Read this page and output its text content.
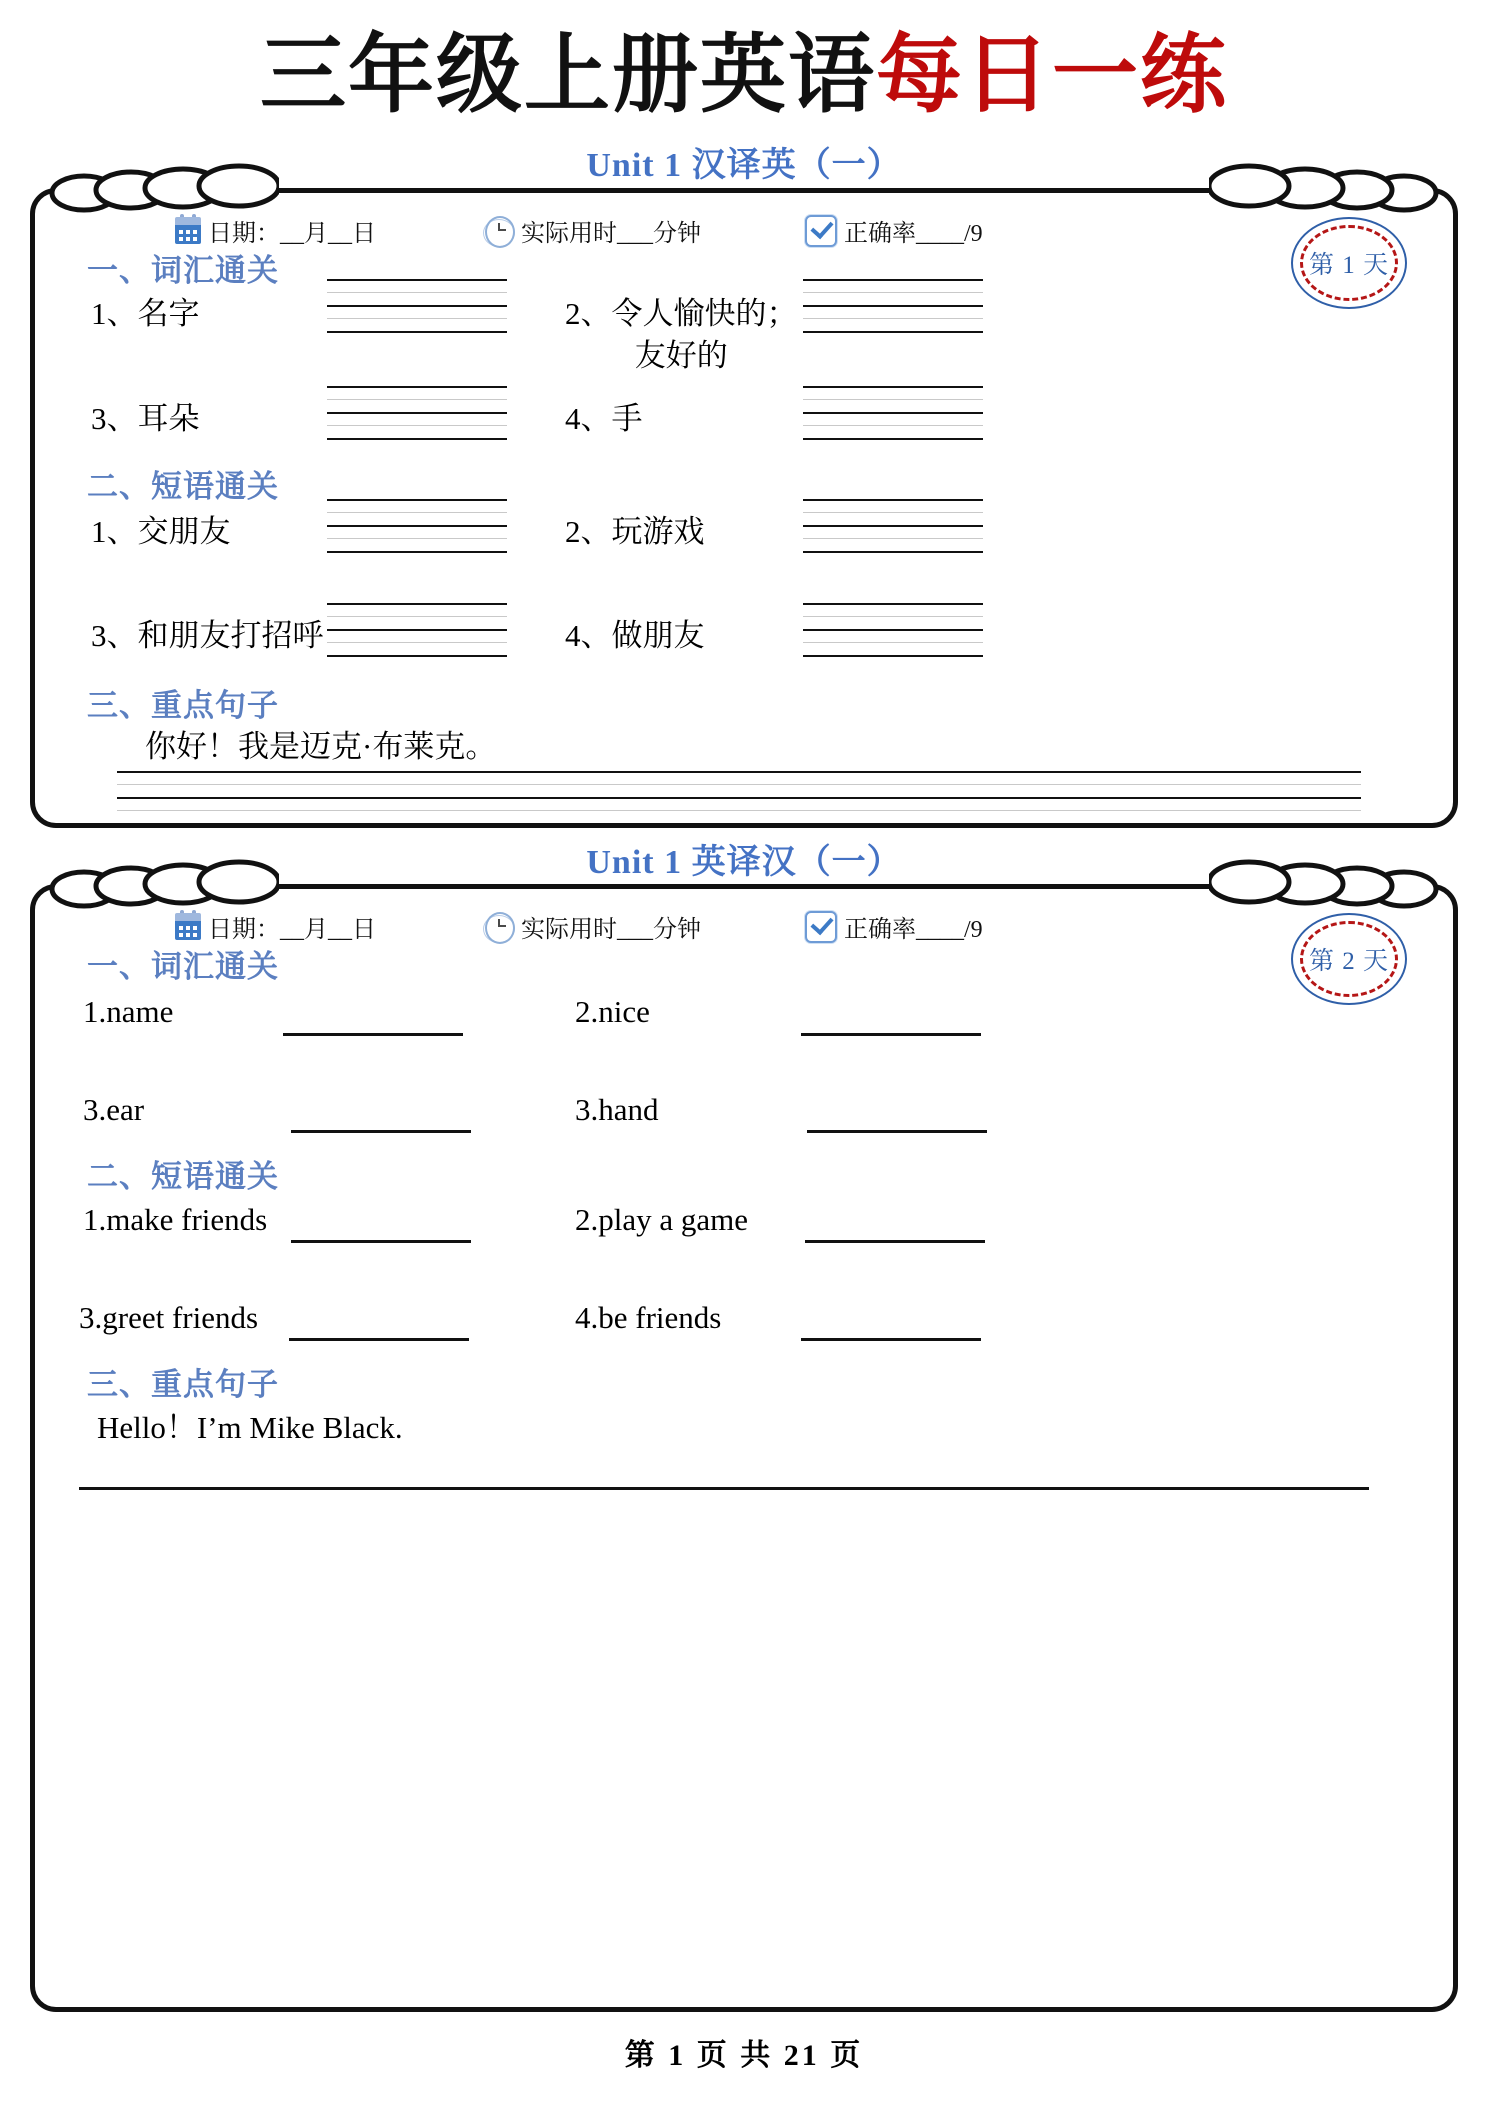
三年级上册英语每日一练
Unit 1 汉译英（一）
日期：__月__日	实际用时___分钟	正确率____/9
第 1 天
一、词汇通关
1、名字	2、令人愉快的；
友好的
3、耳朵	4、手
二、短语通关
1、交朋友	2、玩游戏
3、和朋友打招呼	4、做朋友
三、重点句子
你好！我是迈克·布莱克。
Unit 1 英译汉（一）
日期：__月__日	实际用时___分钟	正确率____/9
第 2 天
一、词汇通关
1.name	2.nice
3.ear	3.hand
二、短语通关
1.make friends	2.play a game
3.greet friends	4.be friends
三、重点句子
Hello！I’m Mike Black.
第 1 页 共 21 页
